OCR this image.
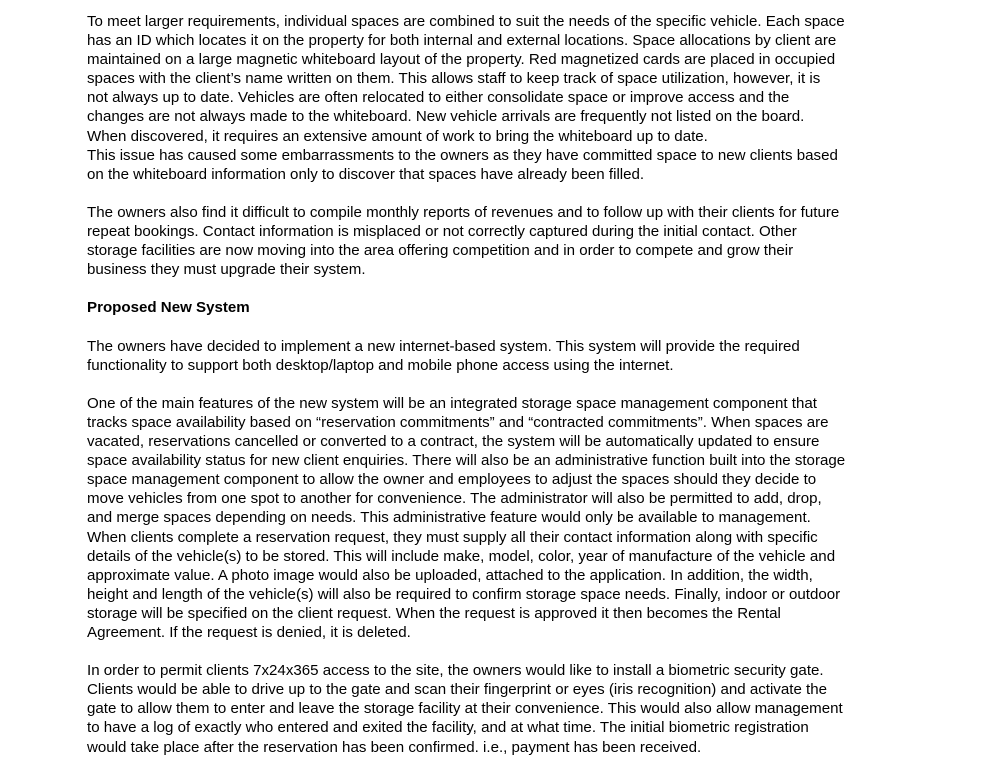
To meet larger requirements, individual spaces are combined to suit the needs of the specific vehicle. Each space
has an ID which locates it on the property for both internal and external locations. Space allocations by client are
maintained on a large magnetic whiteboard layout of the property. Red magnetized cards are placed in occupied
spaces with the client’s name written on them. This allows staff to keep track of space utilization, however, it is
not always up to date. Vehicles are often relocated to either consolidate space or improve access and the
changes are not always made to the whiteboard. New vehicle arrivals are frequently not listed on the board.
When discovered, it requires an extensive amount of work to bring the whiteboard up to date.

This issue has caused some embarrassments to the owners as they have committed space to new clients based
on the whiteboard information only to discover that spaces have already been filled.

The owners also find it difficult to compile monthly reports of revenues and to follow up with their clients for future
repeat bookings. Contact information is misplaced or not correctly captured during the initial contact. Other
storage facilities are now moving into the area offering competition and in order to compete and grow their
business they must upgrade their system.

Proposed New System

The owners have decided to implement a new internet-based system. This system will provide the required
functionality to support both desktop/laptop and mobile phone access using the internet.

One of the main features of the new system will be an integrated storage space management component that
tracks space availability based on “reservation commitments” and “contracted commitments”. When spaces are
vacated, reservations cancelled or converted to a contract, the system will be automatically updated to ensure
space availability status for new client enquiries. There will also be an administrative function built into the storage
space management component to allow the owner and employees to adjust the spaces should they decide to
move vehicles from one spot to another for convenience. The administrator will also be permitted to add, drop,
and merge spaces depending on needs. This administrative feature would only be available to management.
When clients complete a reservation request, they must supply all their contact information along with specific
details of the vehicle(s) to be stored. This will include make, model, color, year of manufacture of the vehicle and
approximate value. A photo image would also be uploaded, attached to the application. In addition, the width,
height and length of the vehicle(s) will also be required to confirm storage space needs. Finally, indoor or outdoor
storage will be specified on the client request. When the request is approved it then becomes the Rental
Agreement. If the request is denied, it is deleted.

In order to permit clients 7x24x365 access to the site, the owners would like to install a biometric security gate.
Clients would be able to drive up to the gate and scan their fingerprint or eyes (iris recognition) and activate the
gate to allow them to enter and leave the storage facility at their convenience. This would also allow management
to have a log of exactly who entered and exited the facility, and at what time. The initial biometric registration
would take place after the reservation has been confirmed. i.e., payment has been received.
